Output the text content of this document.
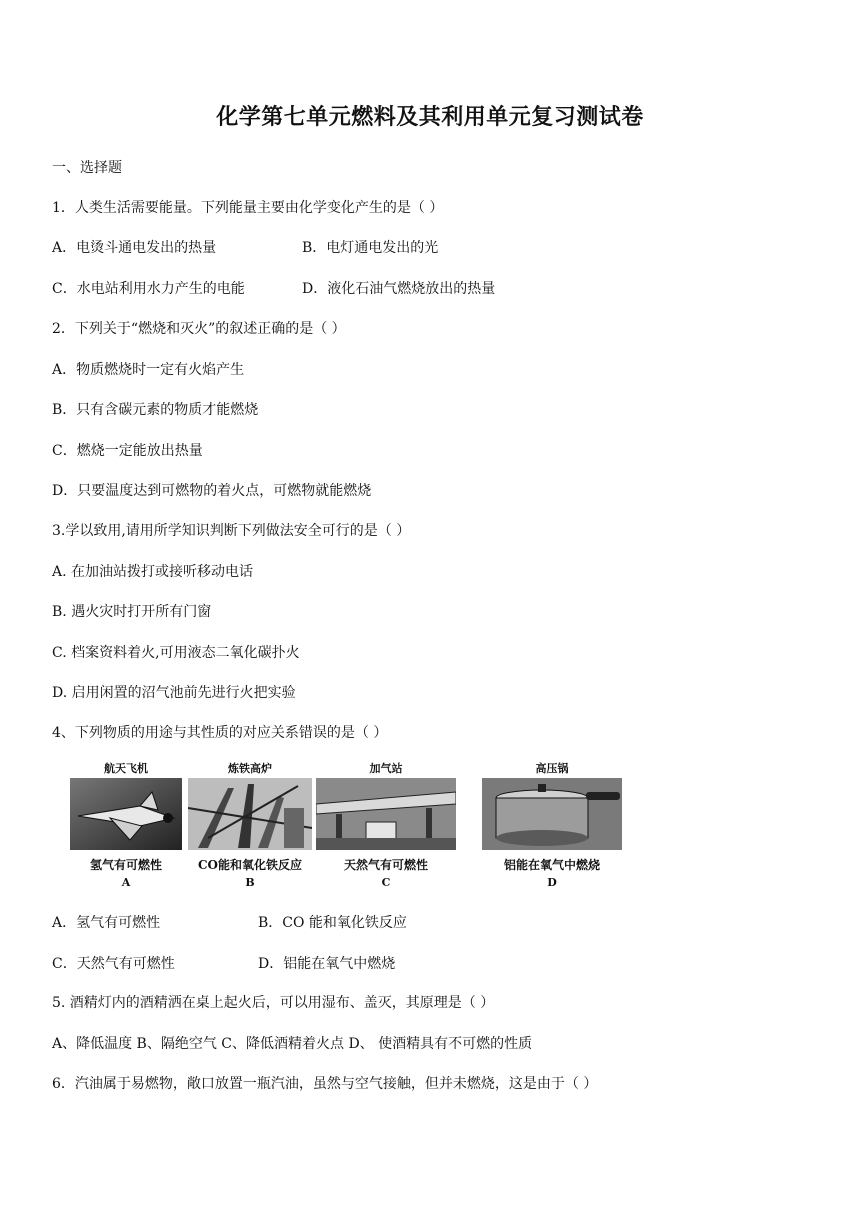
化学第七单元燃料及其利用单元复习测试卷
一、选择题
1．人类生活需要能量。下列能量主要由化学变化产生的是（ ）
A．电烫斗通电发出的热量	B．电灯通电发出的光
C．水电站利用水力产生的电能	D．液化石油气燃烧放出的热量
2．下列关于“燃烧和灭火”的叙述正确的是（ ）
A．物质燃烧时一定有火焰产生
B．只有含碳元素的物质才能燃烧
C．燃烧一定能放出热量
D．只要温度达到可燃物的着火点，可燃物就能燃烧
3.学以致用,请用所学知识判断下列做法安全可行的是（ ）
A. 在加油站拨打或接听移动电话
B. 遇火灾时打开所有门窗
C. 档案资料着火,可用液态二氧化碳扑火
D. 启用闲置的沼气池前先进行火把实验
4、下列物质的用途与其性质的对应关系错误的是（ ）
航天飞机
氢气有可燃性
A
炼铁高炉
CO能和氧化铁反应
B
加气站
天然气有可燃性
C
高压锅
铝能在氧气中燃烧
D
A．氢气有可燃性	B．CO 能和氧化铁反应
C．天然气有可燃性	D．铝能在氧气中燃烧
5. 酒精灯内的酒精洒在桌上起火后，可以用湿布、盖灭，其原理是（ ）
A、降低温度 B、隔绝空气 C、降低酒精着火点 D、 使酒精具有不可燃的性质
6．汽油属于易燃物，敞口放置一瓶汽油，虽然与空气接触，但并未燃烧，这是由于（ ）
